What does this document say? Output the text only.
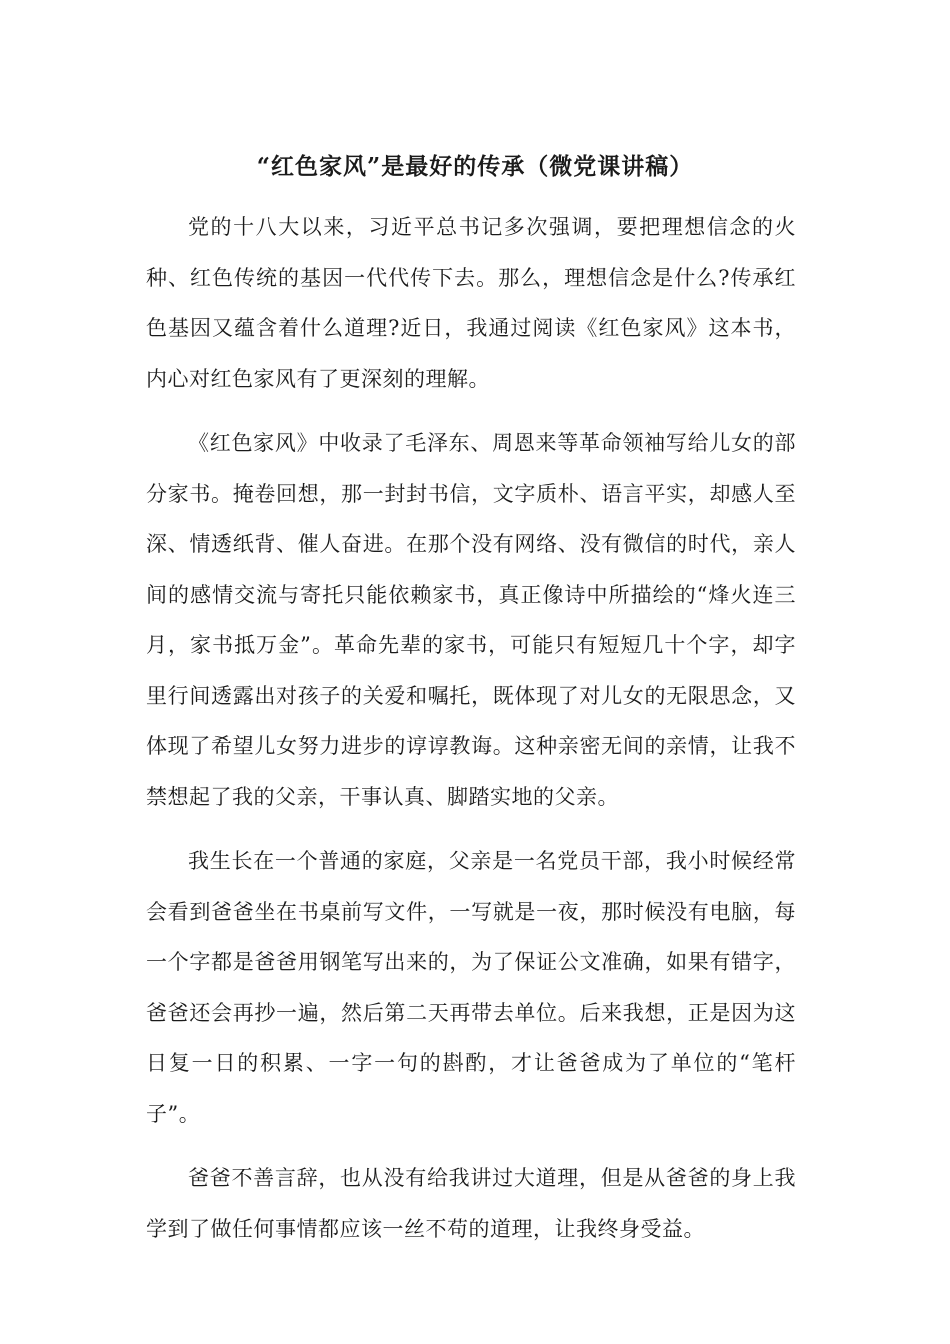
“红色家风”是最好的传承（微党课讲稿）

党的十八大以来，习近平总书记多次强调，要把理想信念的火种、红色传统的基因一代代传下去。那么，理想信念是什么?传承红色基因又蕴含着什么道理?近日，我通过阅读《红色家风》这本书，内心对红色家风有了更深刻的理解。

《红色家风》中收录了毛泽东、周恩来等革命领袖写给儿女的部分家书。掩卷回想，那一封封书信，文字质朴、语言平实，却感人至深、情透纸背、催人奋进。在那个没有网络、没有微信的时代，亲人间的感情交流与寄托只能依赖家书，真正像诗中所描绘的“烽火连三月，家书抵万金”。革命先辈的家书，可能只有短短几十个字，却字里行间透露出对孩子的关爱和嘱托，既体现了对儿女的无限思念，又体现了希望儿女努力进步的谆谆教诲。这种亲密无间的亲情，让我不禁想起了我的父亲，干事认真、脚踏实地的父亲。

我生长在一个普通的家庭，父亲是一名党员干部，我小时候经常会看到爸爸坐在书桌前写文件，一写就是一夜，那时候没有电脑，每一个字都是爸爸用钢笔写出来的，为了保证公文准确，如果有错字，爸爸还会再抄一遍，然后第二天再带去单位。后来我想，正是因为这日复一日的积累、一字一句的斟酌，才让爸爸成为了单位的“笔杆子”。

爸爸不善言辞，也从没有给我讲过大道理，但是从爸爸的身上我学到了做任何事情都应该一丝不苟的道理，让我终身受益。
